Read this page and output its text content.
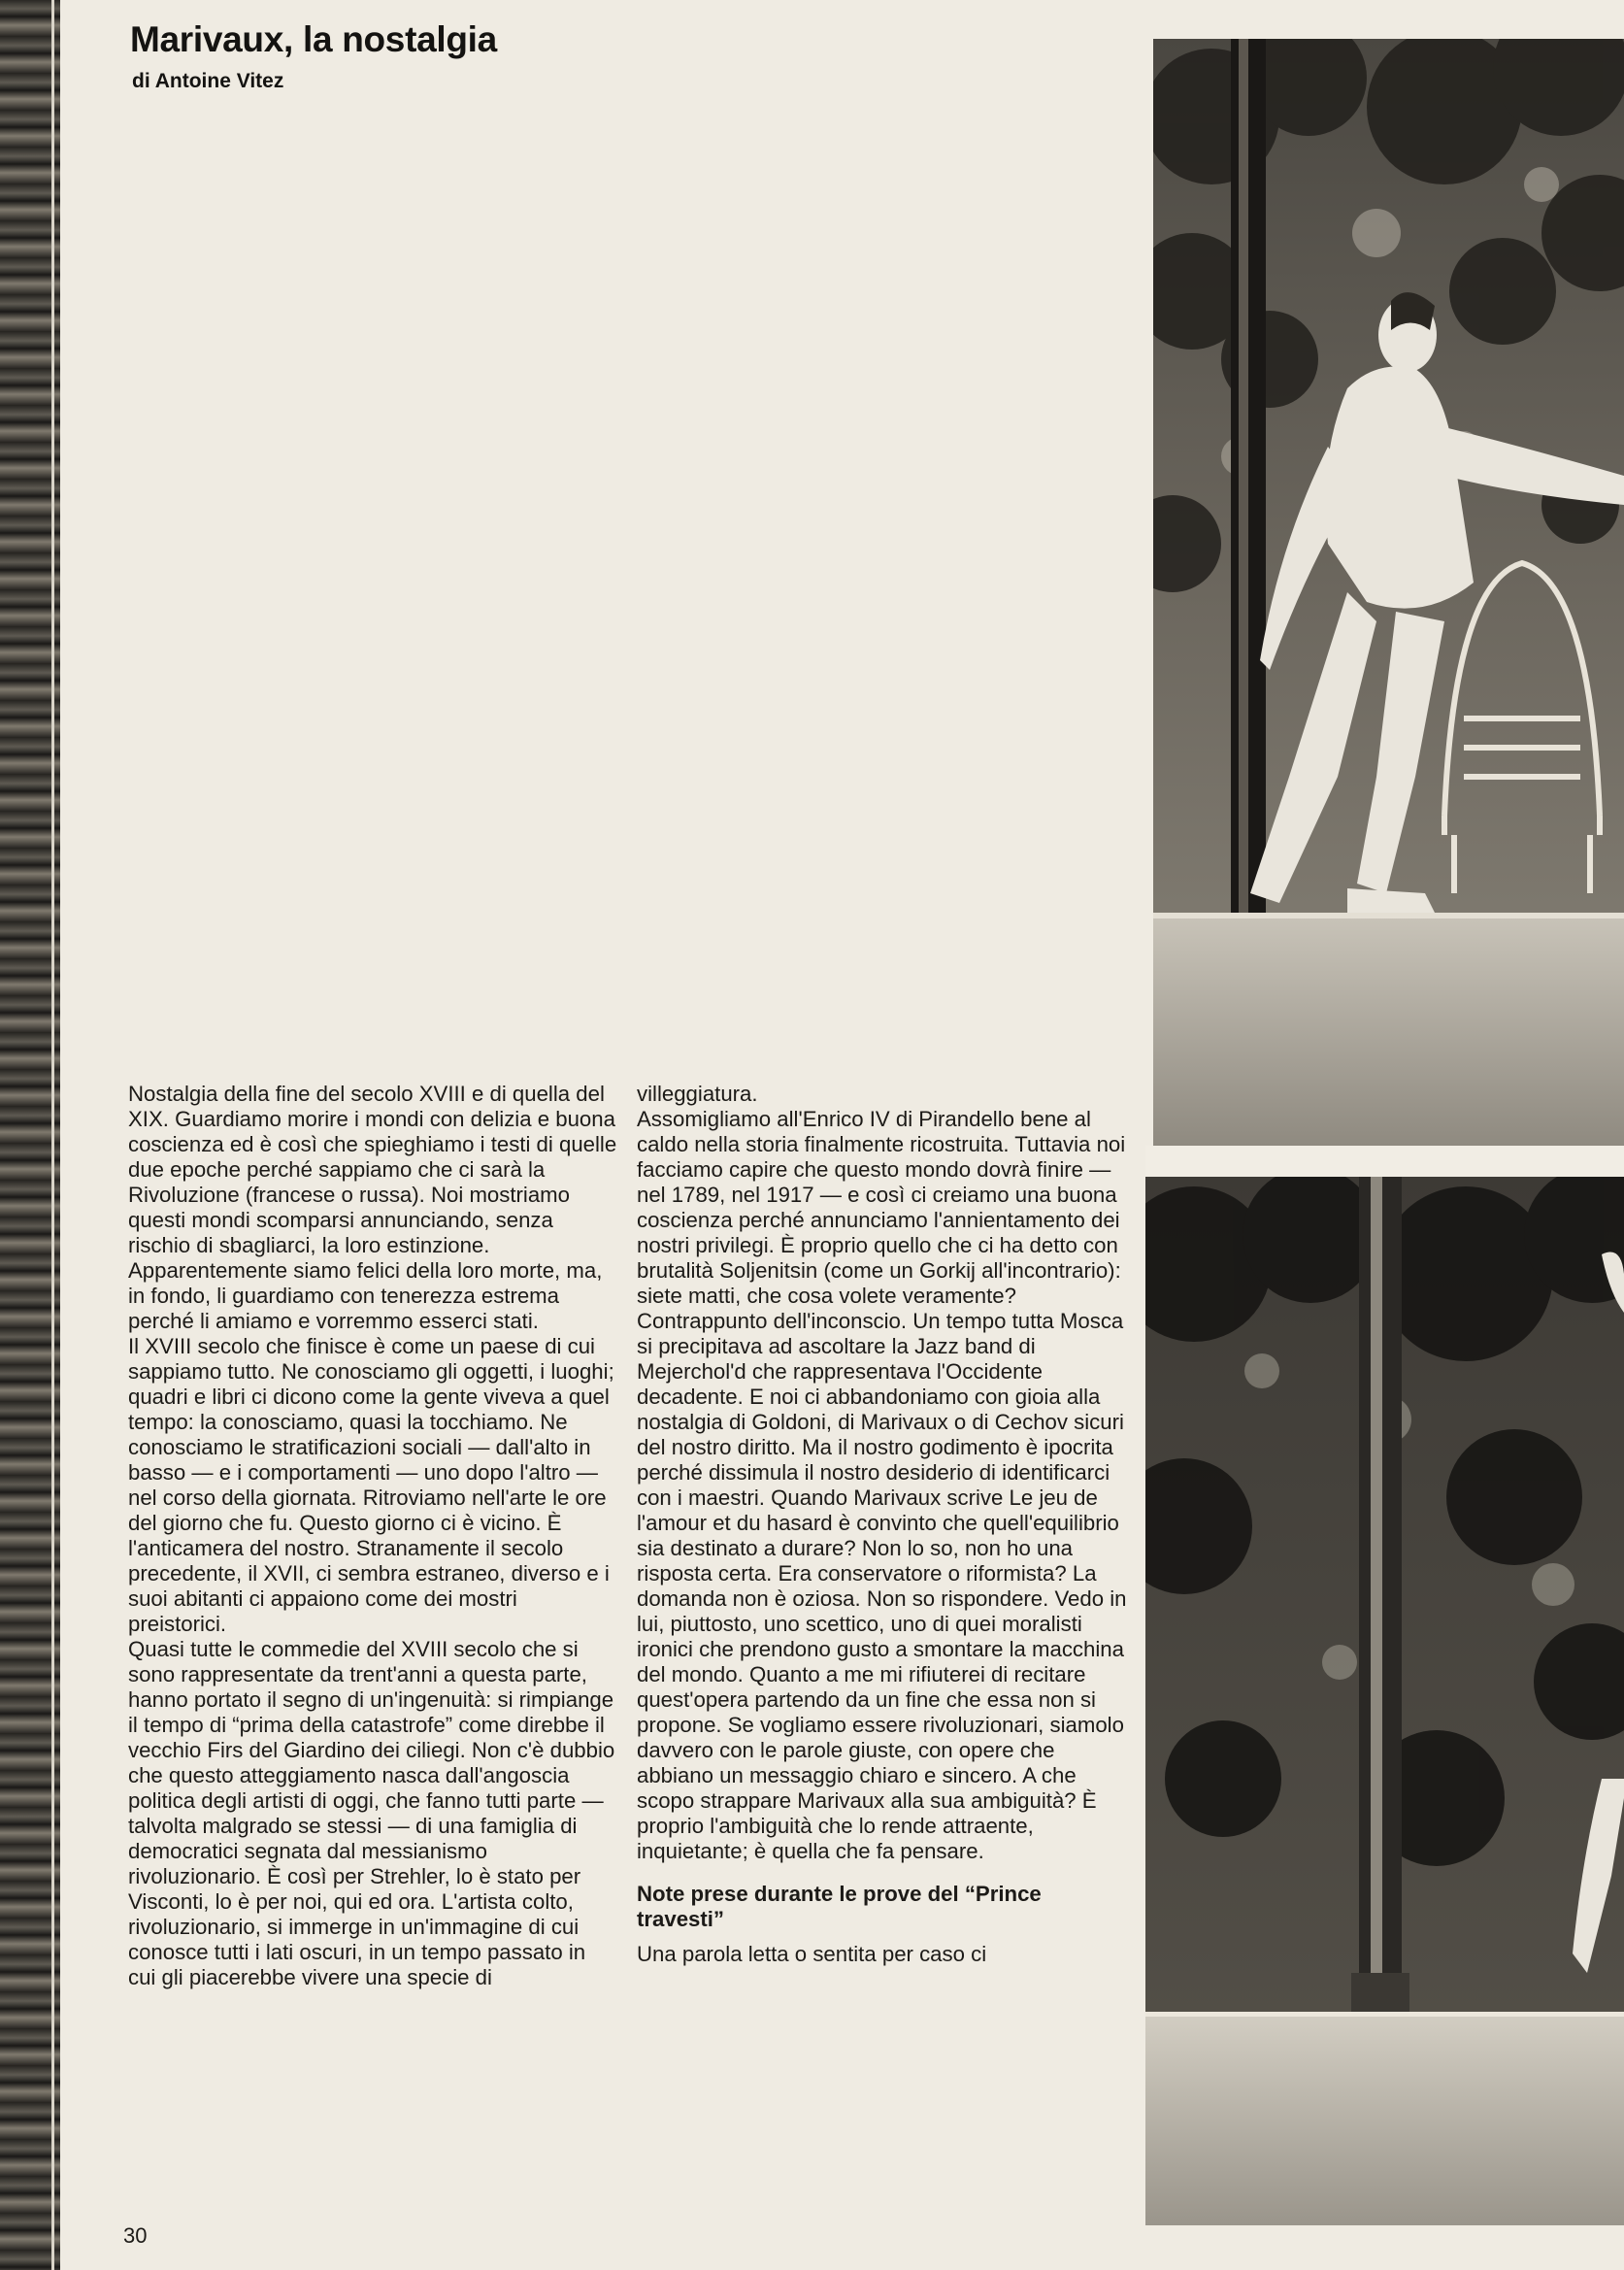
Marivaux, la nostalgia

di Antoine Vitez

Nostalgia della fine del secolo XVIII e di quella del XIX. Guardiamo morire i mondi con delizia e buona coscienza ed è così che spieghiamo i testi di quelle due epoche perché sappiamo che ci sarà la Rivoluzione (francese o russa). Noi mostriamo questi mondi scomparsi annunciando, senza rischio di sbagliarci, la loro estinzione. Apparentemente siamo felici della loro morte, ma, in fondo, li guardiamo con tenerezza estrema perché li amiamo e vorremmo esserci stati.

Il XVIII secolo che finisce è come un paese di cui sappiamo tutto. Ne conosciamo gli oggetti, i luoghi; quadri e libri ci dicono come la gente viveva a quel tempo: la conosciamo, quasi la tocchiamo. Ne conosciamo le stratificazioni sociali — dall'alto in basso — e i comportamenti — uno dopo l'altro — nel corso della giornata. Ritroviamo nell'arte le ore del giorno che fu. Questo giorno ci è vicino. È l'anticamera del nostro. Stranamente il secolo precedente, il XVII, ci sembra estraneo, diverso e i suoi abitanti ci appaiono come dei mostri preistorici.

Quasi tutte le commedie del XVIII secolo che si sono rappresentate da trent'anni a questa parte, hanno portato il segno di un'ingenuità: si rimpiange il tempo di “prima della catastrofe” come direbbe il vecchio Firs del Giardino dei ciliegi. Non c'è dubbio che questo atteggiamento nasca dall'angoscia politica degli artisti di oggi, che fanno tutti parte — talvolta malgrado se stessi — di una famiglia di democratici segnata dal messianismo rivoluzionario. È così per Strehler, lo è stato per Visconti, lo è per noi, qui ed ora. L'artista colto, rivoluzionario, si immerge in un'immagine di cui conosce tutti i lati oscuri, in un tempo passato in cui gli piacerebbe vivere una specie di

villeggiatura.

Assomigliamo all'Enrico IV di Pirandello bene al caldo nella storia finalmente ricostruita. Tuttavia noi facciamo capire che questo mondo dovrà finire — nel 1789, nel 1917 — e così ci creiamo una buona coscienza perché annunciamo l'annientamento dei nostri privilegi. È proprio quello che ci ha detto con brutalità Soljenitsin (come un Gorkij all'incontrario): siete matti, che cosa volete veramente?

Contrappunto dell'inconscio. Un tempo tutta Mosca si precipitava ad ascoltare la Jazz band di Mejerchol'd che rappresentava l'Occidente decadente. E noi ci abbandoniamo con gioia alla nostalgia di Goldoni, di Marivaux o di Cechov sicuri del nostro diritto. Ma il nostro godimento è ipocrita perché dissimula il nostro desiderio di identificarci con i maestri. Quando Marivaux scrive Le jeu de l'amour et du hasard è convinto che quell'equilibrio sia destinato a durare? Non lo so, non ho una risposta certa. Era conservatore o riformista? La domanda non è oziosa. Non so rispondere. Vedo in lui, piuttosto, uno scettico, uno di quei moralisti ironici che prendono gusto a smontare la macchina del mondo. Quanto a me mi rifiuterei di recitare quest'opera partendo da un fine che essa non si propone. Se vogliamo essere rivoluzionari, siamolo davvero con le parole giuste, con opere che abbiano un messaggio chiaro e sincero. A che scopo strappare Marivaux alla sua ambiguità? È proprio l'ambiguità che lo rende attraente, inquietante; è quella che fa pensare.

Note prese durante le prove del “Prince travesti”

Una parola letta o sentita per caso ci

30
